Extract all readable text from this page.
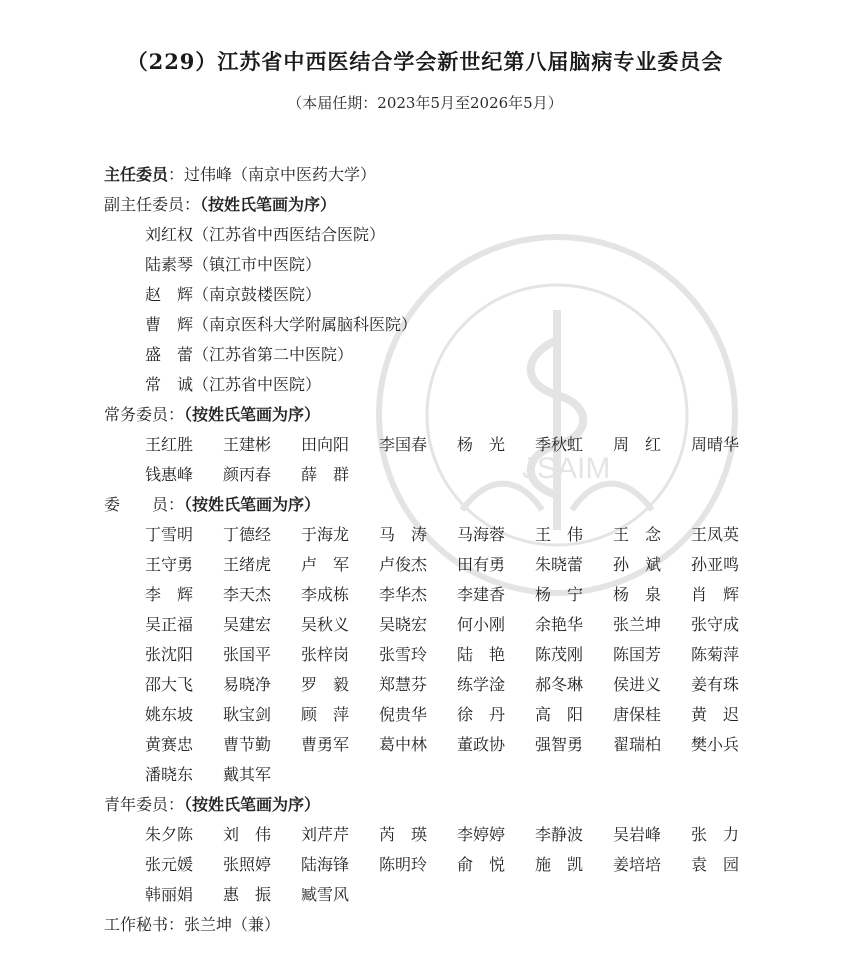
JSAIM
（229）江苏省中西医结合学会新世纪第八届脑病专业委员会
（本届任期：2023年5月至2026年5月）
主任委员：过伟峰（南京中医药大学）
副主任委员：（按姓氏笔画为序）
刘红权（江苏省中西医结合医院）
陆素琴（镇江市中医院）
赵　辉（南京鼓楼医院）
曹　辉（南京医科大学附属脑科医院）
盛　蕾（江苏省第二中医院）
常　诚（江苏省中医院）
常务委员：（按姓氏笔画为序）
王红胜 王建彬 田向阳 李国春 杨　光 季秋虹 周　红 周晴华
钱惠峰 颜丙春 薛　群
委　　员：（按姓氏笔画为序）
丁雪明 丁德经 于海龙 马　涛 马海蓉 王　伟 王　念 王凤英
王守勇 王绪虎 卢　军 卢俊杰 田有勇 朱晓蕾 孙　斌 孙亚鸣
李　辉 李天杰 李成栋 李华杰 李建香 杨　宁 杨　泉 肖　辉
吴正福 吴建宏 吴秋义 吴晓宏 何小刚 余艳华 张兰坤 张守成
张沈阳 张国平 张梓岗 张雪玲 陆　艳 陈茂刚 陈国芳 陈菊萍
邵大飞 易晓净 罗　毅 郑慧芬 练学淦 郝冬琳 侯进义 姜有珠
姚东坡 耿宝剑 顾　萍 倪贵华 徐　丹 高　阳 唐保桂 黄　迟
黄赛忠 曹节勤 曹勇军 葛中林 董政协 强智勇 翟瑞柏 樊小兵
潘晓东 戴其军
青年委员：（按姓氏笔画为序）
朱夕陈 刘　伟 刘芹芹 芮　瑛 李婷婷 李静波 吴岩峰 张　力
张元媛 张照婷 陆海锋 陈明玲 俞　悦 施　凯 姜培培 袁　园
韩丽娟 惠　振 臧雪风
工作秘书：张兰坤（兼）
